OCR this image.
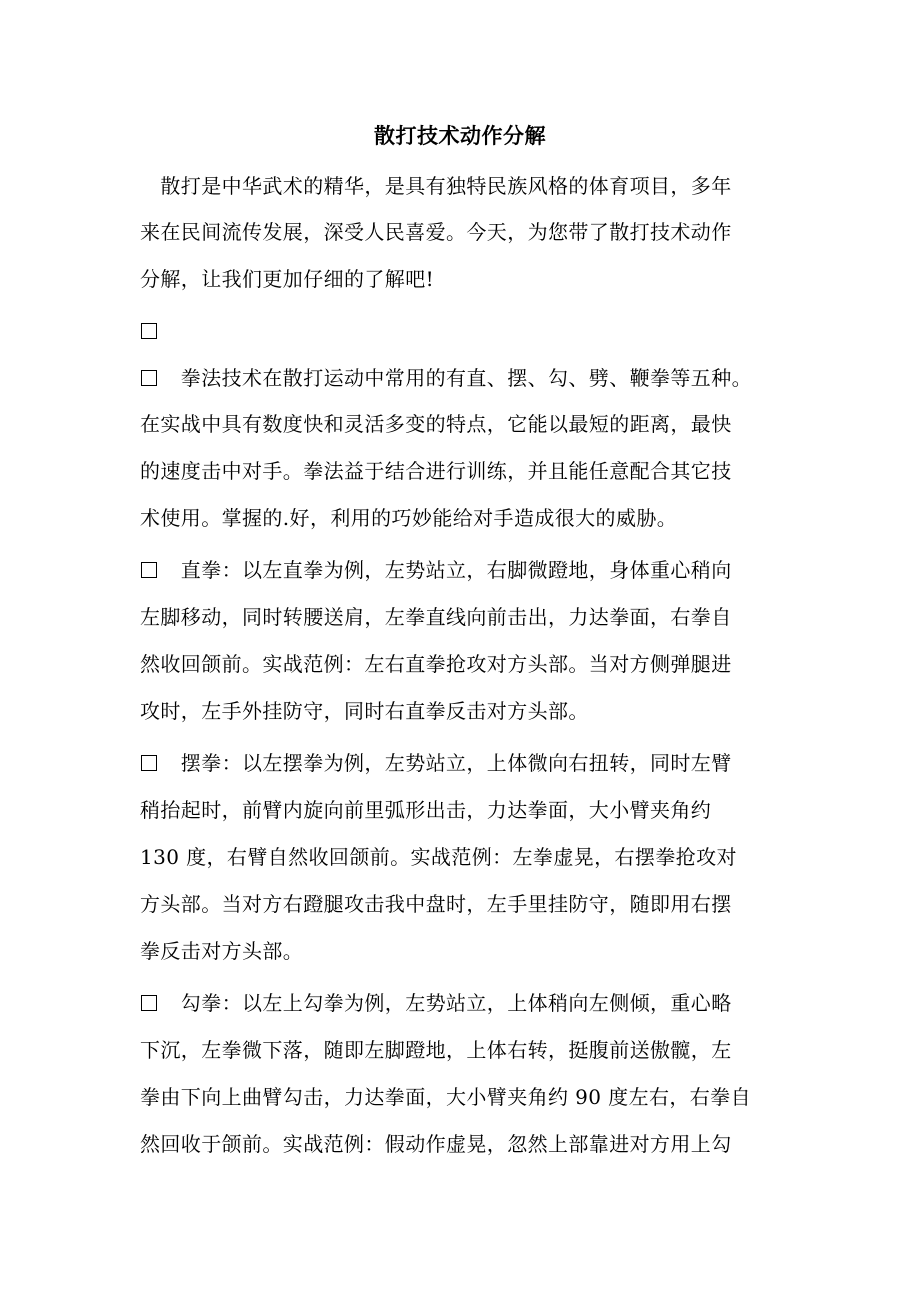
散打技术动作分解
　散打是中华武术的精华，是具有独特民族风格的体育项目，多年
来在民间流传发展，深受人民喜爱。今天，为您带了散打技术动作
分解，让我们更加仔细的了解吧!
　　拳法技术在散打运动中常用的有直、摆、勾、劈、鞭拳等五种。
在实战中具有数度快和灵活多变的特点，它能以最短的距离，最快
的速度击中对手。拳法益于结合进行训练，并且能任意配合其它技
术使用。掌握的.好，利用的巧妙能给对手造成很大的威胁。
　　直拳：以左直拳为例，左势站立，右脚微蹬地，身体重心稍向
左脚移动，同时转腰送肩，左拳直线向前击出，力达拳面，右拳自
然收回颌前。实战范例：左右直拳抢攻对方头部。当对方侧弹腿进
攻时，左手外挂防守，同时右直拳反击对方头部。
　　摆拳：以左摆拳为例，左势站立，上体微向右扭转，同时左臂
稍抬起时，前臂内旋向前里弧形出击，力达拳面，大小臂夹角约
130 度，右臂自然收回颌前。实战范例：左拳虚晃，右摆拳抢攻对
方头部。当对方右蹬腿攻击我中盘时，左手里挂防守，随即用右摆
拳反击对方头部。
　　勾拳：以左上勾拳为例，左势站立，上体稍向左侧倾，重心略
下沉，左拳微下落，随即左脚蹬地，上体右转，挺腹前送傲髋，左
拳由下向上曲臂勾击，力达拳面，大小臂夹角约 90 度左右，右拳自
然回收于颌前。实战范例：假动作虚晃，忽然上部靠进对方用上勾
